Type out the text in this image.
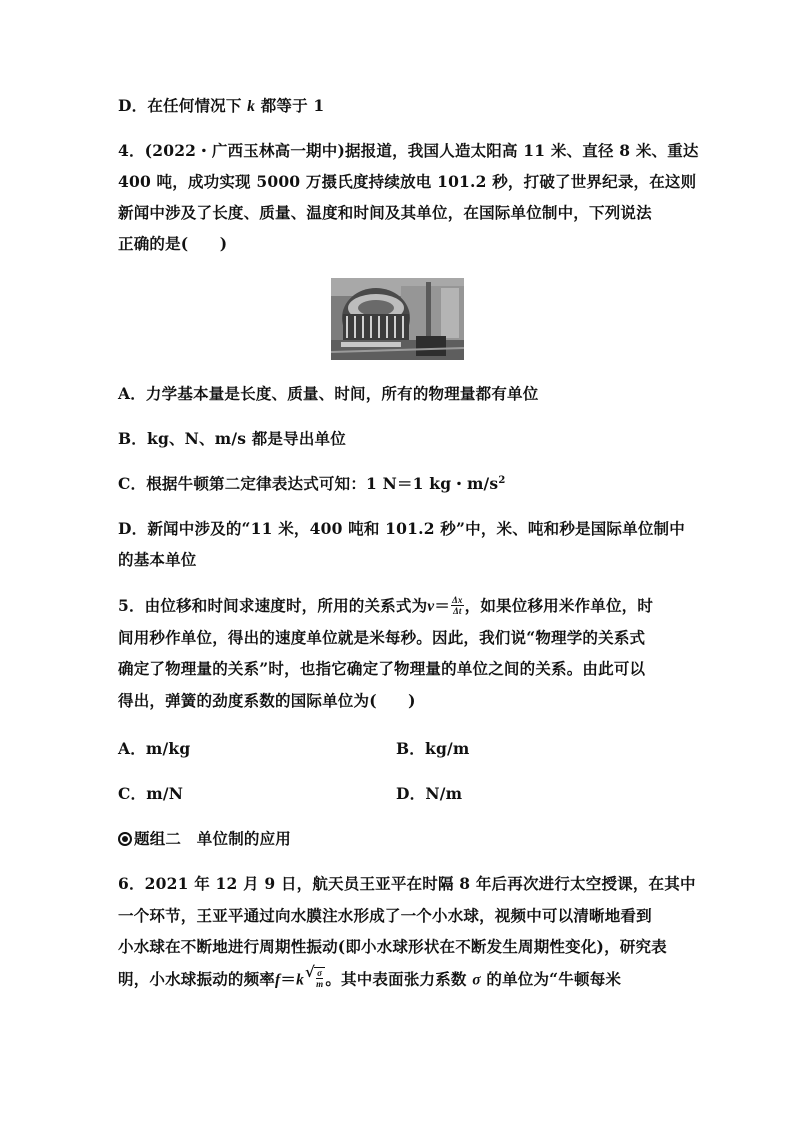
D．在任何情况下 k 都等于 1
4．(2022・广西玉林高一期中)据报道，我国人造太阳高 11 米、直径 8 米、重达
400 吨，成功实现 5000 万摄氏度持续放电 101.2 秒，打破了世界纪录，在这则
新闻中涉及了长度、质量、温度和时间及其单位，在国际单位制中，下列说法
正确的是(　　)
A．力学基本量是长度、质量、时间，所有的物理量都有单位
B．kg、N、m/s 都是导出单位
C．根据牛顿第二定律表达式可知：1 N＝1 kg・$m/s^2$
D．新闻中涉及的“11 米，400 吨和 101.2 秒”中，米、吨和秒是国际单位制中
的基本单位
5．由位移和时间求速度时，所用的关系式为$v= \frac{\Delta x}{\Delta t}$ ，如果位移用米作单位，时
间用秒作单位，得出的速度单位就是米每秒。因此，我们说“物理学的关系式
确定了物理量的关系”时，也指它确定了物理量的单位之间的关系。由此可以
得出，弹簧的劲度系数的国际单位为(　　)
A．m/kg	B．kg/m
C．m/N	D．N/m
题组二　单位制的应用
6．2021 年 12 月 9 日，航天员王亚平在时隔 8 年后再次进行太空授课，在其中
一个环节，王亚平通过向水膜注水形成了一个小水球，视频中可以清晰地看到
小水球在不断地进行周期性振动(即小水球形状在不断发生周期性变化)，研究表
明，小水球振动的频率$f=k√ \frac{\sigma}{m}$ 。其中表面张力系数 σ 的单位为“牛顿每米
